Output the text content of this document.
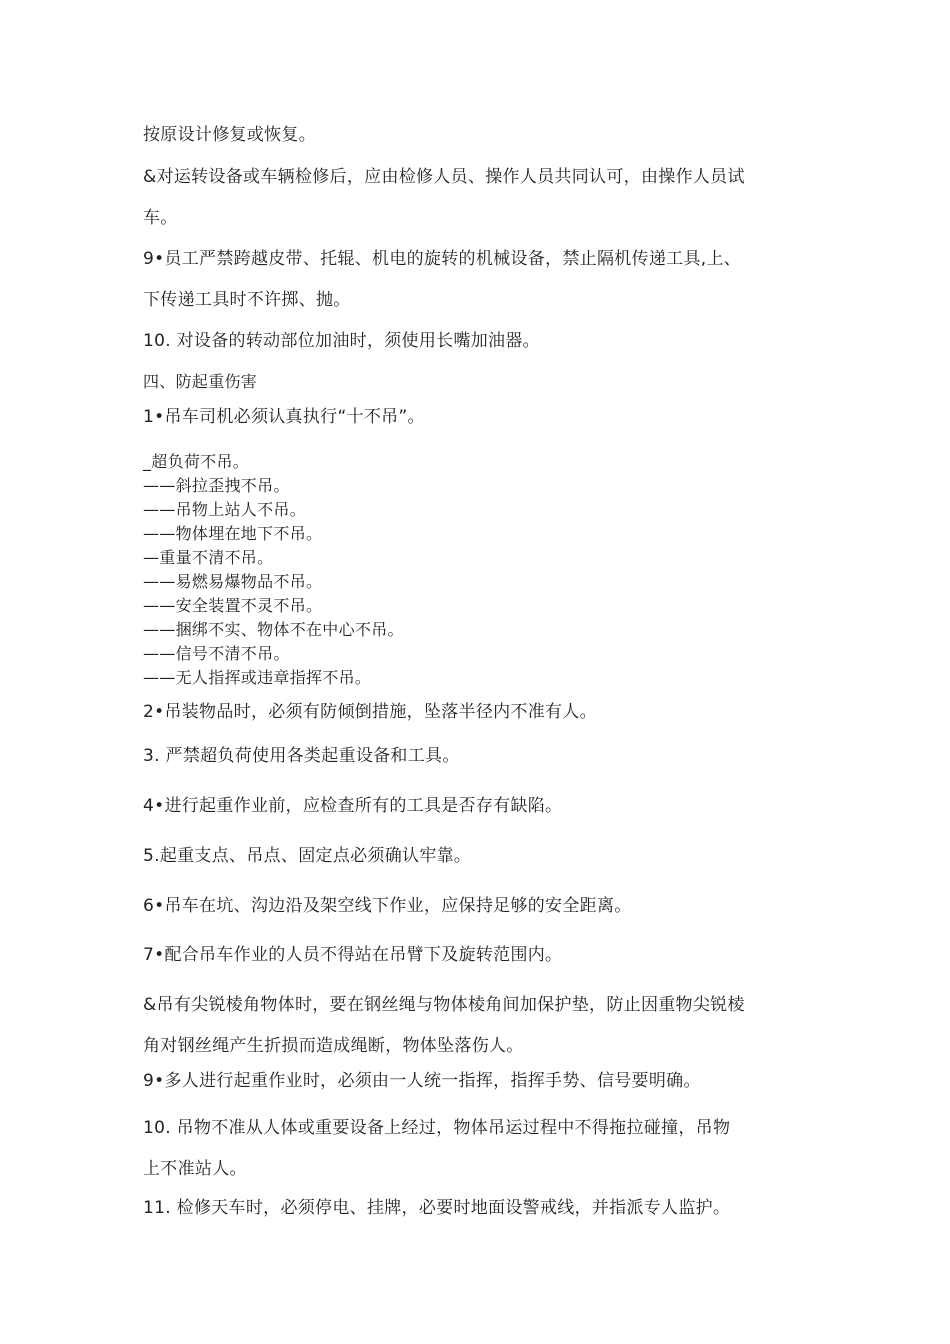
按原设计修复或恢复。
&对运转设备或车辆检修后，应由检修人员、操作人员共同认可，由操作人员试
车。
9•员工严禁跨越皮带、托辊、机电的旋转的机械设备，禁止隔机传递工具,上、
下传递工具时不许掷、抛。
10. 对设备的转动部位加油时，须使用长嘴加油器。
四、防起重伤害
1•吊车司机必须认真执行“十不吊”。
_超负荷不吊。
——斜拉歪拽不吊。
——吊物上站人不吊。
——物体埋在地下不吊。
—重量不清不吊。
——易燃易爆物品不吊。
——安全装置不灵不吊。
——捆绑不实、物体不在中心不吊。
——信号不清不吊。
——无人指挥或违章指挥不吊。
2•吊装物品时，必须有防倾倒措施，坠落半径内不准有人。
3. 严禁超负荷使用各类起重设备和工具。
4•进行起重作业前，应检查所有的工具是否存有缺陷。
5.起重支点、吊点、固定点必须确认牢靠。
6•吊车在坑、沟边沿及架空线下作业，应保持足够的安全距离。
7•配合吊车作业的人员不得站在吊臂下及旋转范围内。
&吊有尖锐棱角物体时，要在钢丝绳与物体棱角间加保护垫，防止因重物尖锐棱
角对钢丝绳产生折损而造成绳断，物体坠落伤人。
9•多人进行起重作业时，必须由一人统一指挥，指挥手势、信号要明确。
10. 吊物不准从人体或重要设备上经过，物体吊运过程中不得拖拉碰撞，吊物
上不准站人。
11. 检修天车时，必须停电、挂牌，必要时地面设警戒线，并指派专人监护。
